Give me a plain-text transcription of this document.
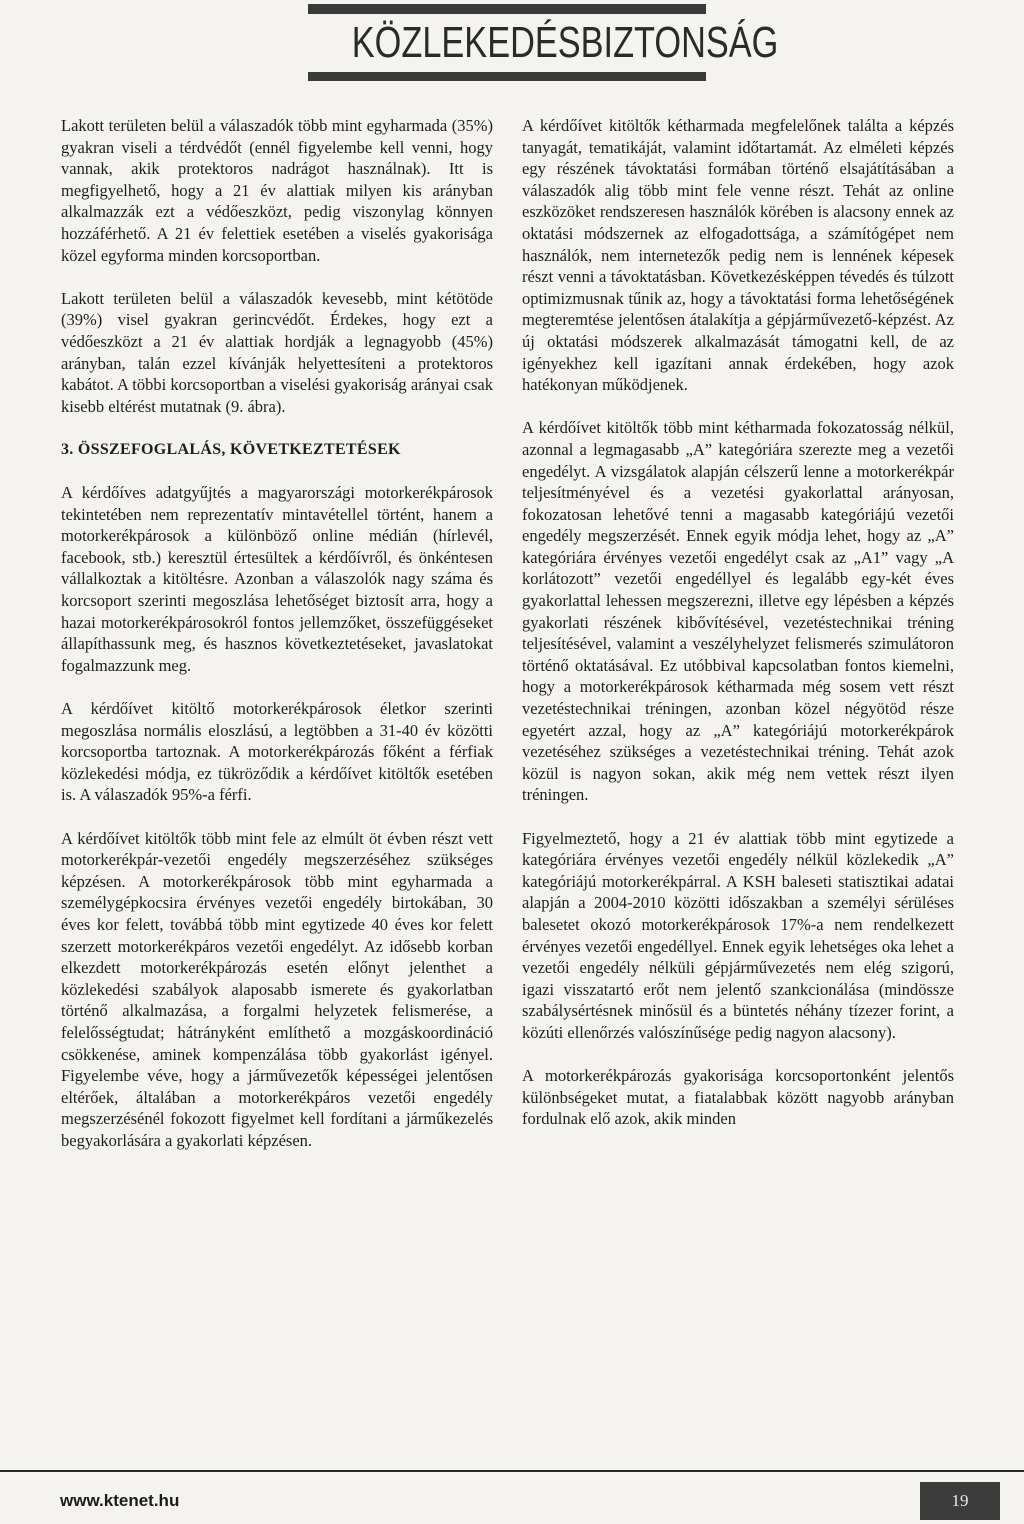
KÖZLEKEDÉSBIZTONSÁG

Lakott területen belül a válaszadók több mint egyharmada (35%) gyakran viseli a térdvédőt (ennél figyelembe kell venni, hogy vannak, akik protektoros nadrágot használnak). Itt is megfigyelhető, hogy a 21 év alattiak milyen kis arányban alkalmazzák ezt a védőeszközt, pedig viszonylag könnyen hozzáférhető. A 21 év felettiek esetében a viselés gyakorisága közel egyforma minden korcsoportban.

Lakott területen belül a válaszadók kevesebb, mint kétötöde (39%) visel gyakran gerincvédőt. Érdekes, hogy ezt a védőeszközt a 21 év alattiak hordják a legnagyobb (45%) arányban, talán ezzel kívánják helyettesíteni a protektoros kabátot. A többi korcsoportban a viselési gyakoriság arányai csak kisebb eltérést mutatnak (9. ábra).

3. ÖSSZEFOGLALÁS, KÖVETKEZTETÉSEK

A kérdőíves adatgyűjtés a magyarországi motorkerékpárosok tekintetében nem reprezentatív mintavétellel történt, hanem a motorkerékpárosok a különböző online médián (hírlevél, facebook, stb.) keresztül értesültek a kérdőívről, és önkéntesen vállalkoztak a kitöltésre. Azonban a válaszolók nagy száma és korcsoport szerinti megoszlása lehetőséget biztosít arra, hogy a hazai motorkerékpárosokról fontos jellemzőket, összefüggéseket állapíthassunk meg, és hasznos következtetéseket, javaslatokat fogalmazzunk meg.

A kérdőívet kitöltő motorkerékpárosok életkor szerinti megoszlása normális eloszlású, a legtöbben a 31-40 év közötti korcsoportba tartoznak. A motorkerékpározás főként a férfiak közlekedési módja, ez tükröződik a kérdőívet kitöltők esetében is. A válaszadók 95%-a férfi.

A kérdőívet kitöltők több mint fele az elmúlt öt évben részt vett motorkerékpár-vezetői engedély megszerzéséhez szükséges képzésen. A motorkerékpárosok több mint egyharmada a személygépkocsira érvényes vezetői engedély birtokában, 30 éves kor felett, továbbá több mint egytizede 40 éves kor felett szerzett motorkerékpáros vezetői engedélyt. Az idősebb korban elkezdett motorkerékpározás esetén előnyt jelenthet a közlekedési szabályok alaposabb ismerete és gyakorlatban történő alkalmazása, a forgalmi helyzetek felismerése, a felelősségtudat; hátrányként említhető a mozgáskoordináció csökkenése, aminek kompenzálása több gyakorlást igényel. Figyelembe véve, hogy a járművezetők képességei jelentősen eltérőek, általában a motorkerékpáros vezetői engedély megszerzésénél fokozott figyelmet kell fordítani a járműkezelés begyakorlására a gyakorlati képzésen.

A kérdőívet kitöltők kétharmada megfelelőnek találta a képzés tanyagát, tematikáját, valamint időtartamát. Az elméleti képzés egy részének távoktatási formában történő elsajátításában a válaszadók alig több mint fele venne részt. Tehát az online eszközöket rendszeresen használók körében is alacsony ennek az oktatási módszernek az elfogadottsága, a számítógépet nem használók, nem internetezők pedig nem is lennének képesek részt venni a távoktatásban. Következésképpen tévedés és túlzott optimizmusnak tűnik az, hogy a távoktatási forma lehetőségének megteremtése jelentősen átalakítja a gépjárművezető-képzést. Az új oktatási módszerek alkalmazását támogatni kell, de az igényekhez kell igazítani annak érdekében, hogy azok hatékonyan működjenek.

A kérdőívet kitöltők több mint kétharmada fokozatosság nélkül, azonnal a legmagasabb „A” kategóriára szerezte meg a vezetői engedélyt. A vizsgálatok alapján célszerű lenne a motorkerékpár teljesítményével és a vezetési gyakorlattal arányosan, fokozatosan lehetővé tenni a magasabb kategóriájú vezetői engedély megszerzését. Ennek egyik módja lehet, hogy az „A” kategóriára érvényes vezetői engedélyt csak az „A1” vagy „A korlátozott” vezetői engedéllyel és legalább egy-két éves gyakorlattal lehessen megszerezni, illetve egy lépésben a képzés gyakorlati részének kibővítésével, vezetéstechnikai tréning teljesítésével, valamint a veszélyhelyzet felismerés szimulátoron történő oktatásával. Ez utóbbival kapcsolatban fontos kiemelni, hogy a motorkerékpárosok kétharmada még sosem vett részt vezetéstechnikai tréningen, azonban közel négyötöd része egyetért azzal, hogy az „A” kategóriájú motorkerékpárok vezetéséhez szükséges a vezetéstechnikai tréning. Tehát azok közül is nagyon sokan, akik még nem vettek részt ilyen tréningen.

Figyelmeztető, hogy a 21 év alattiak több mint egytizede a kategóriára érvényes vezetői engedély nélkül közlekedik „A” kategóriájú motorkerékpárral. A KSH baleseti statisztikai adatai alapján a 2004-2010 közötti időszakban a személyi sérüléses balesetet okozó motorkerékpárosok 17%-a nem rendelkezett érvényes vezetői engedéllyel. Ennek egyik lehetséges oka lehet a vezetői engedély nélküli gépjárművezetés nem elég szigorú, igazi visszatartó erőt nem jelentő szankcionálása (mindössze szabálysértésnek minősül és a büntetés néhány tízezer forint, a közúti ellenőrzés valószínűsége pedig nagyon alacsony).

A motorkerékpározás gyakorisága korcsoportonként jelentős különbségeket mutat, a fiatalabbak között nagyobb arányban fordulnak elő azok, akik minden

www.ktenet.hu	19
